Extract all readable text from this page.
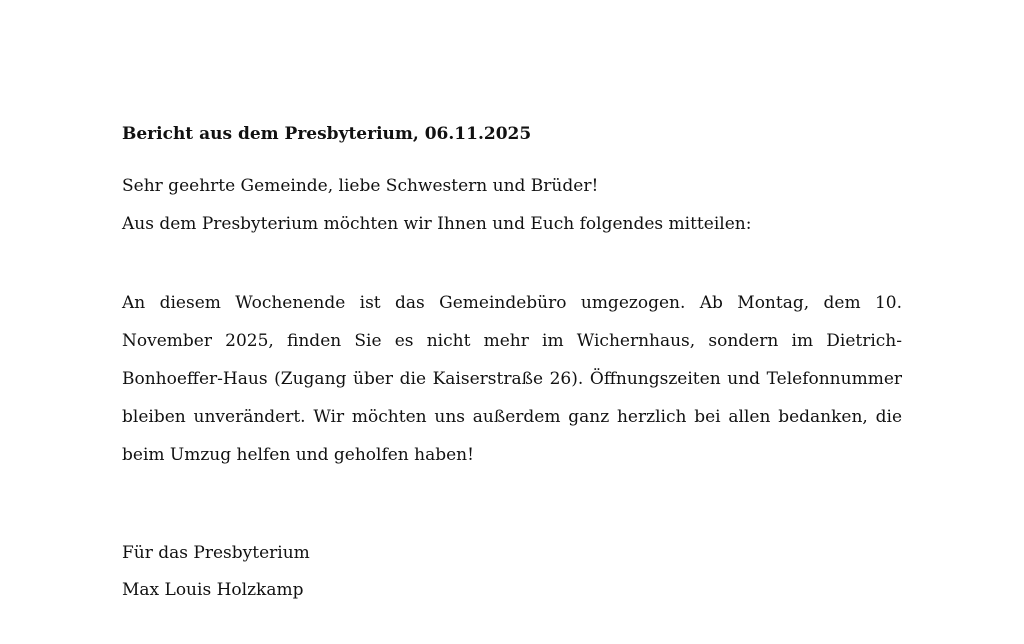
Bericht aus dem Presbyterium, 06.11.2025
Sehr geehrte Gemeinde, liebe Schwestern und Brüder!
Aus dem Presbyterium möchten wir Ihnen und Euch folgendes mitteilen:
An diesem Wochenende ist das Gemeindebüro umgezogen. Ab Montag, dem 10. November 2025, finden Sie es nicht mehr im Wichernhaus, sondern im Dietrich-Bonhoeffer-Haus (Zugang über die Kaiserstraße 26). Öffnungszeiten und Telefonnummer bleiben unverändert. Wir möchten uns außerdem ganz herzlich bei allen bedanken, die beim Umzug helfen und geholfen haben!
Für das Presbyterium
Max Louis Holzkamp
